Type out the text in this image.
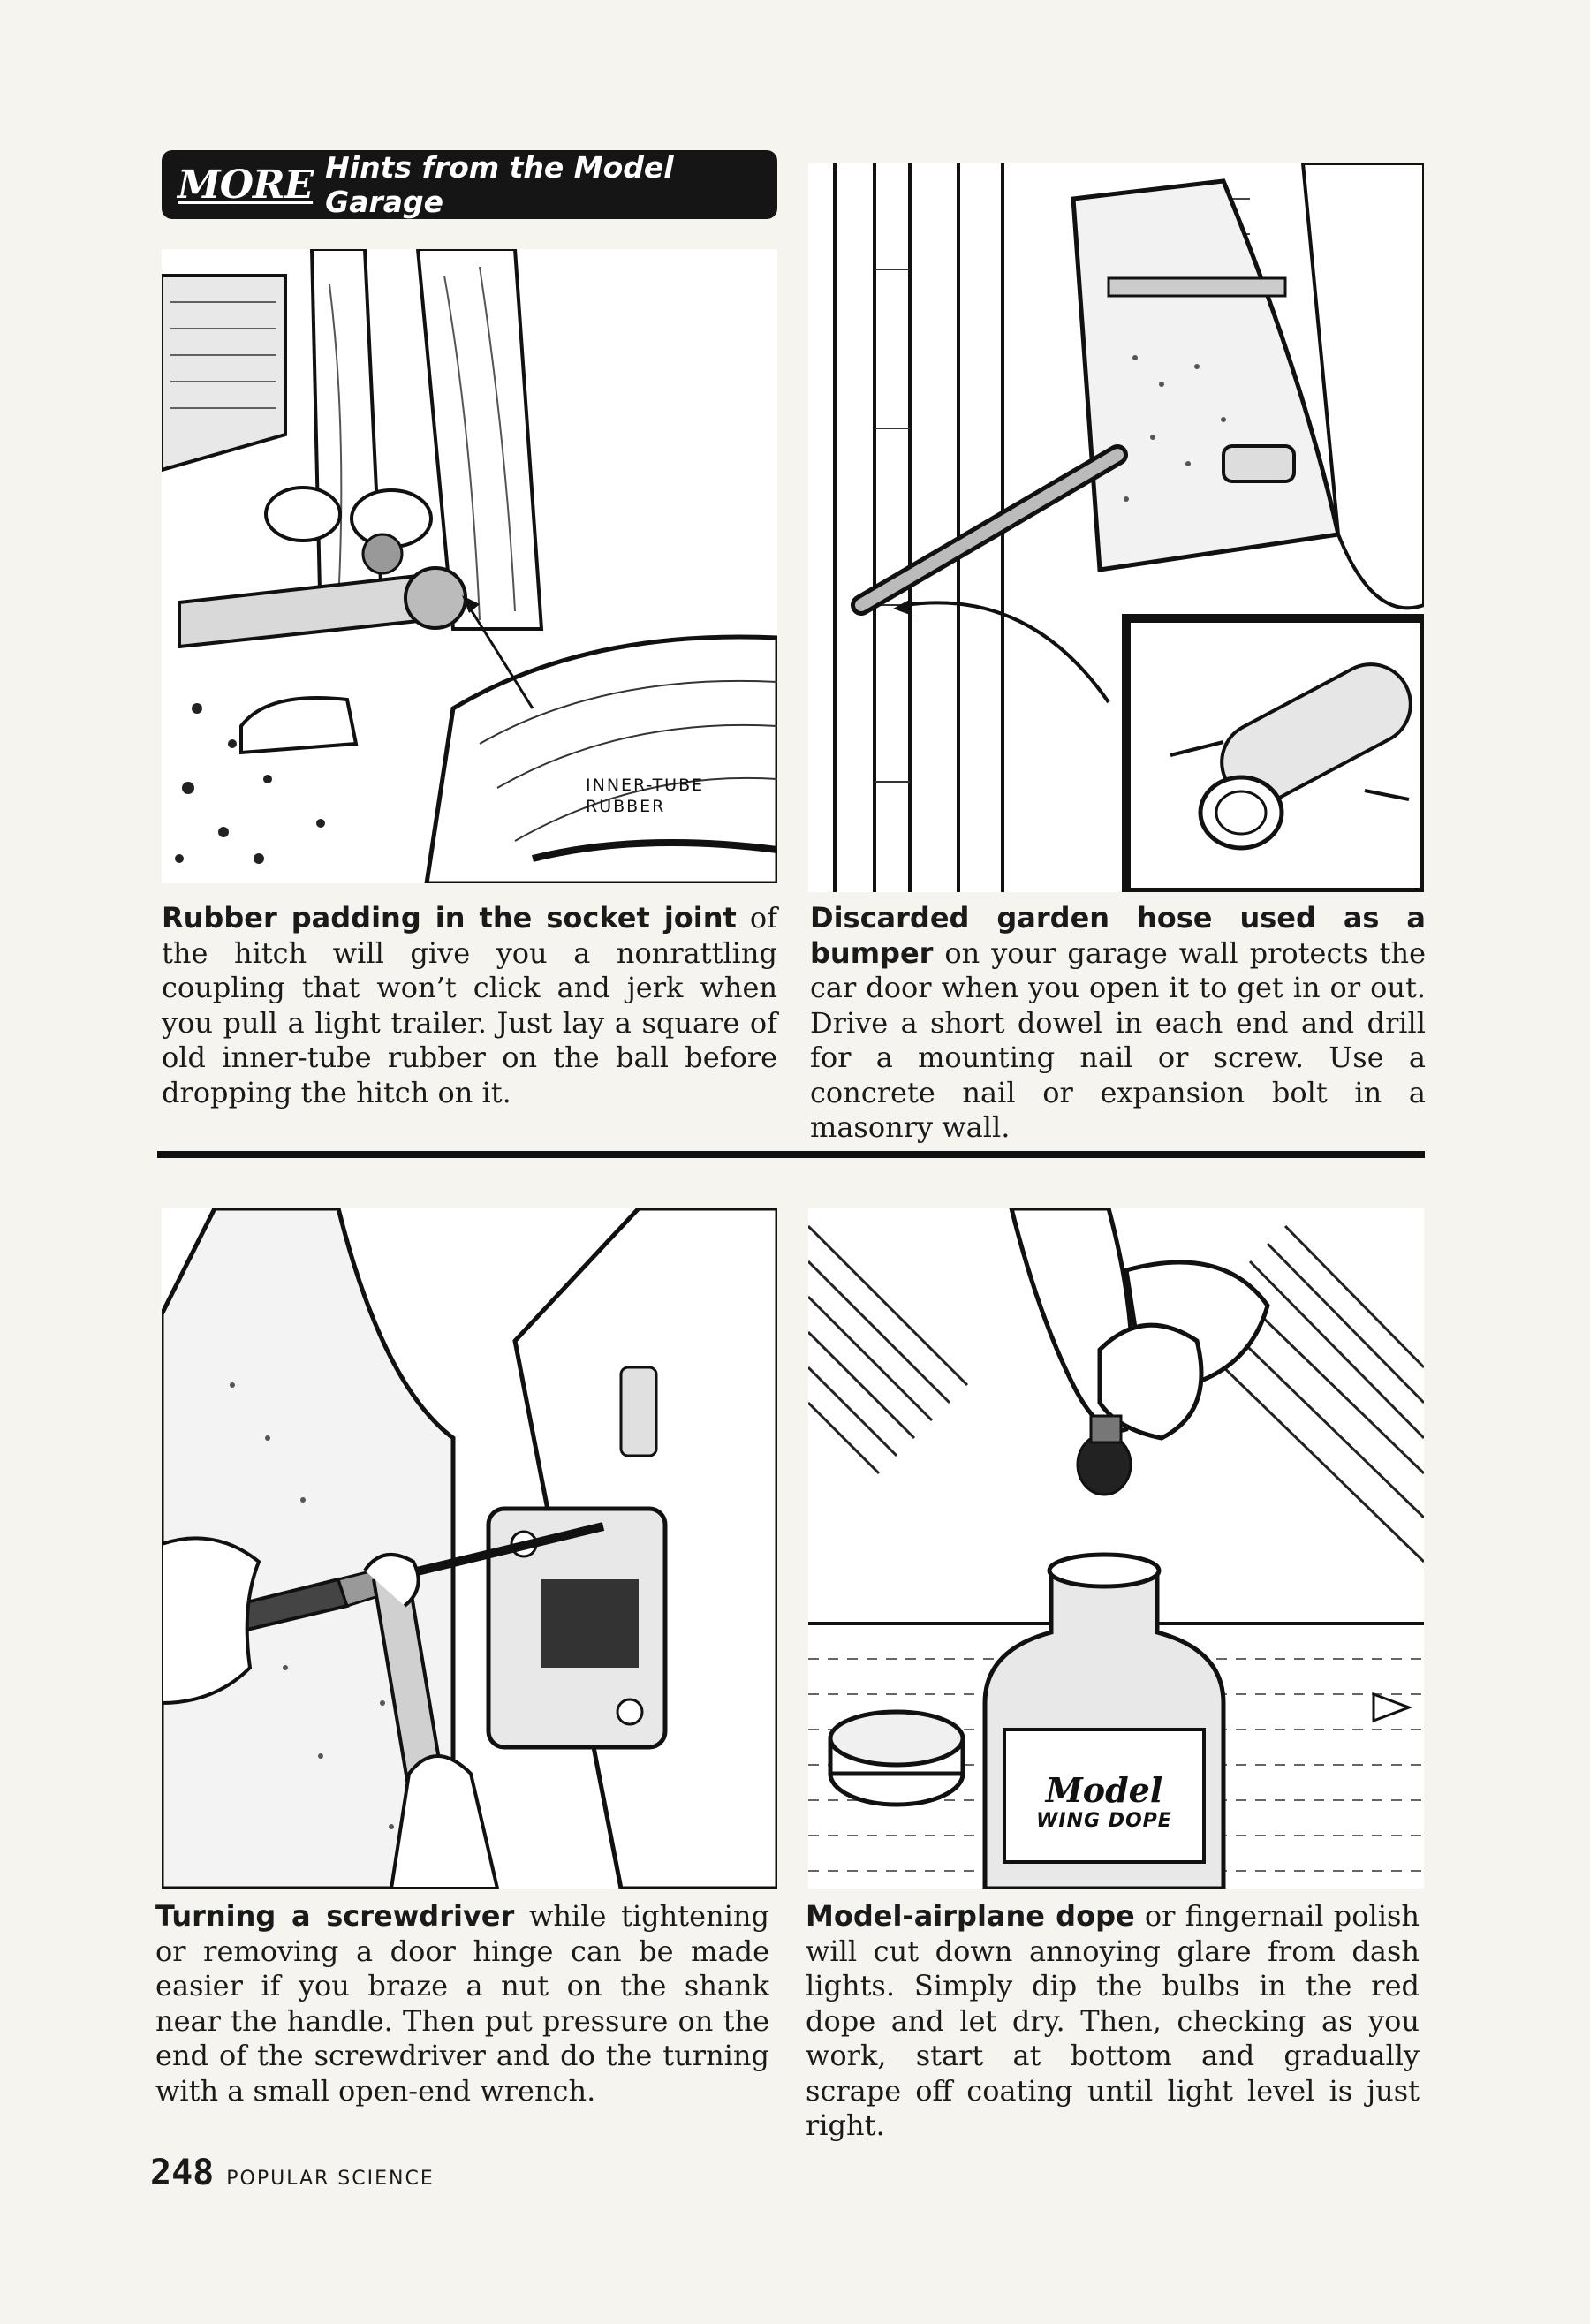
MORE Hints from the Model Garage
INNER-TUBE
RUBBER
Rubber padding in the socket joint of the hitch will give you a nonrattling coupling that won’t click and jerk when you pull a light trailer. Just lay a square of old inner-tube rubber on the ball before dropping the hitch on it.
Discarded garden hose used as a bumper on your garage wall protects the car door when you open it to get in or out. Drive a short dowel in each end and drill for a mounting nail or screw. Use a concrete nail or expansion bolt in a masonry wall.
Turning a screwdriver while tightening or removing a door hinge can be made easier if you braze a nut on the shank near the handle. Then put pressure on the end of the screwdriver and do the turning with a small open-end wrench.
Model
WING DOPE
Model-airplane dope or fingernail polish will cut down annoying glare from dash lights. Simply dip the bulbs in the red dope and let dry. Then, checking as you work, start at bottom and gradually scrape off coating until light level is just right.
248 POPULAR SCIENCE
